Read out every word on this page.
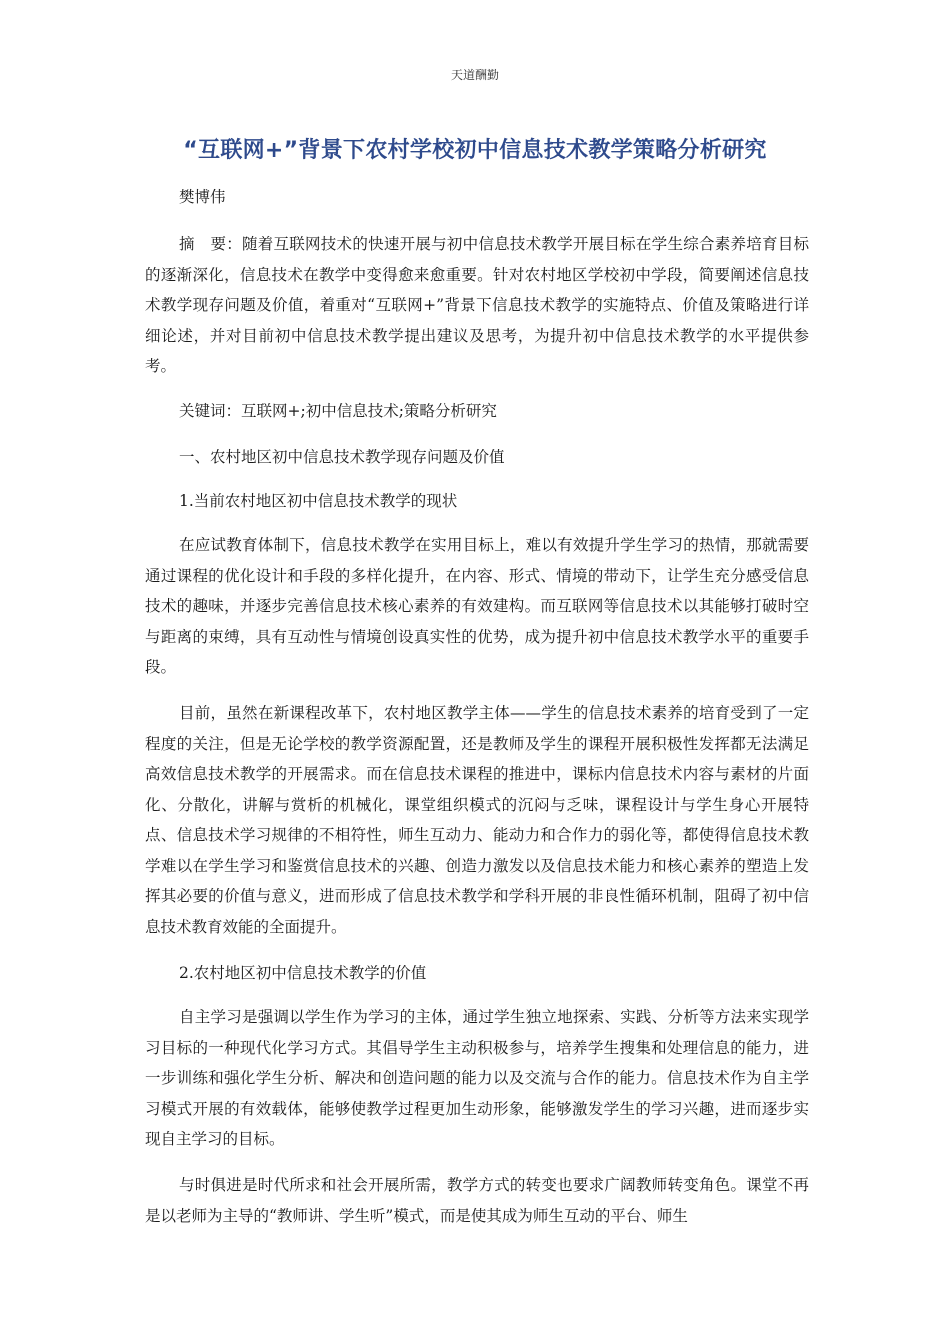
天道酬勤
“互联网+”背景下农村学校初中信息技术教学策略分析研究
樊博伟
摘　要：随着互联网技术的快速开展与初中信息技术教学开展目标在学生综合素养培育目标的逐渐深化，信息技术在教学中变得愈来愈重要。针对农村地区学校初中学段，简要阐述信息技术教学现存问题及价值，着重对“互联网+”背景下信息技术教学的实施特点、价值及策略进行详细论述，并对目前初中信息技术教学提出建议及思考，为提升初中信息技术教学的水平提供参考。
关键词：互联网+;初中信息技术;策略分析研究
一、农村地区初中信息技术教学现存问题及价值
1.当前农村地区初中信息技术教学的现状
在应试教育体制下，信息技术教学在实用目标上，难以有效提升学生学习的热情，那就需要通过课程的优化设计和手段的多样化提升，在内容、形式、情境的带动下，让学生充分感受信息技术的趣味，并逐步完善信息技术核心素养的有效建构。而互联网等信息技术以其能够打破时空与距离的束缚，具有互动性与情境创设真实性的优势，成为提升初中信息技术教学水平的重要手段。
目前，虽然在新课程改革下，农村地区教学主体——学生的信息技术素养的培育受到了一定程度的关注，但是无论学校的教学资源配置，还是教师及学生的课程开展积极性发挥都无法满足高效信息技术教学的开展需求。而在信息技术课程的推进中，课标内信息技术内容与素材的片面化、分散化，讲解与赏析的机械化，课堂组织模式的沉闷与乏味，课程设计与学生身心开展特点、信息技术学习规律的不相符性，师生互动力、能动力和合作力的弱化等，都使得信息技术教学难以在学生学习和鉴赏信息技术的兴趣、创造力激发以及信息技术能力和核心素养的塑造上发挥其必要的价值与意义，进而形成了信息技术教学和学科开展的非良性循环机制，阻碍了初中信息技术教育效能的全面提升。
2.农村地区初中信息技术教学的价值
自主学习是强调以学生作为学习的主体，通过学生独立地探索、实践、分析等方法来实现学习目标的一种现代化学习方式。其倡导学生主动积极参与，培养学生搜集和处理信息的能力，进一步训练和强化学生分析、解决和创造问题的能力以及交流与合作的能力。信息技术作为自主学习模式开展的有效载体，能够使教学过程更加生动形象，能够激发学生的学习兴趣，进而逐步实现自主学习的目标。
与时俱进是时代所求和社会开展所需，教学方式的转变也要求广阔教师转变角色。课堂不再是以老师为主导的“教师讲、学生听”模式，而是使其成为师生互动的平台、师生
